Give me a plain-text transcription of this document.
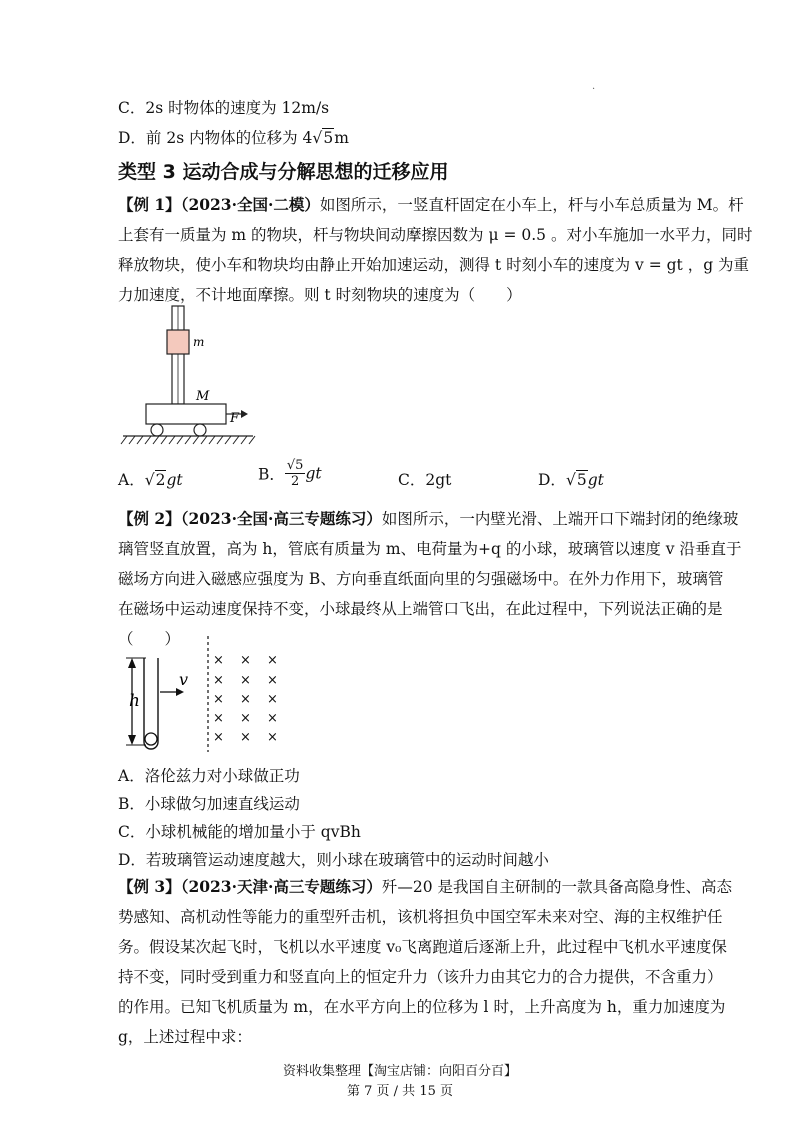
·
C．2s 时物体的速度为 12m/s
D．前 2s 内物体的位移为 4√5m
类型 3 运动合成与分解思想的迁移应用
【例 1】（2023·全国·二模）如图所示，一竖直杆固定在小车上，杆与小车总质量为 M。杆
上套有一质量为 m 的物块，杆与物块间动摩擦因数为 μ = 0.5 。对小车施加一水平力，同时
释放物块，使小车和物块均由静止开始加速运动，测得 t 时刻小车的速度为 v = gt ，g 为重
力加速度，不计地面摩擦。则 t 时刻物块的速度为（　　）
m
M
F
A．√2gt	B． $\frac{√5}{2}$ gt	C．2gt	D．√5gt
【例 2】（2023·全国·高三专题练习）如图所示，一内壁光滑、上端开口下端封闭的绝缘玻
璃管竖直放置，高为 h，管底有质量为 m、电荷量为+q 的小球，玻璃管以速度 v 沿垂直于
磁场方向进入磁感应强度为 B、方向垂直纸面向里的匀强磁场中。在外力作用下，玻璃管
在磁场中运动速度保持不变，小球最终从上端管口飞出，在此过程中，下列说法正确的是
（　　）
h
v
× × ×
× × ×
× × ×
× × ×
× × ×
A．洛伦兹力对小球做正功
B．小球做匀加速直线运动
C．小球机械能的增加量小于 qvBh
D．若玻璃管运动速度越大，则小球在玻璃管中的运动时间越小
【例 3】（2023·天津·高三专题练习）歼—20 是我国自主研制的一款具备高隐身性、高态
势感知、高机动性等能力的重型歼击机，该机将担负中国空军未来对空、海的主权维护任
务。假设某次起飞时，飞机以水平速度 v₀飞离跑道后逐渐上升，此过程中飞机水平速度保
持不变，同时受到重力和竖直向上的恒定升力（该升力由其它力的合力提供，不含重力）
的作用。已知飞机质量为 m，在水平方向上的位移为 l 时，上升高度为 h，重力加速度为
g，上述过程中求：
资料收集整理【淘宝店铺：向阳百分百】
第 7 页 / 共 15 页
